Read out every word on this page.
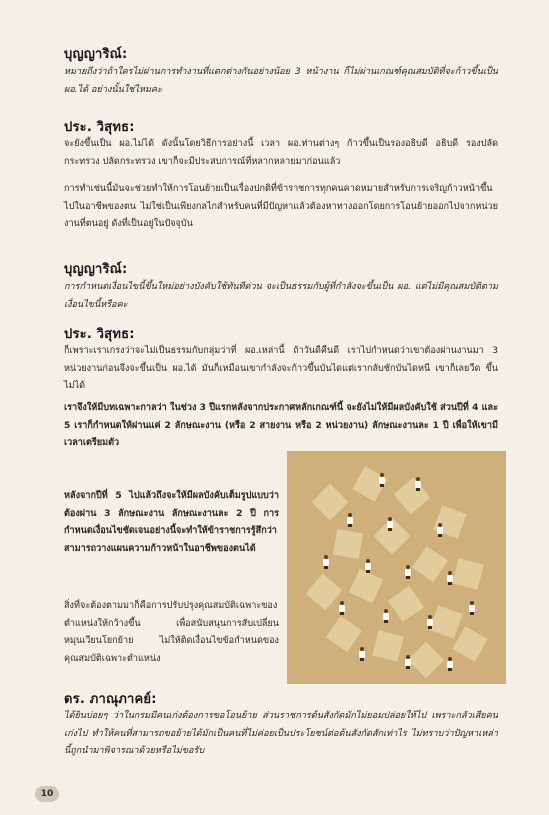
บุญญาริณ์:

หมายถึงว่าถ้าใครไม่ผ่านการทำงานที่แตกต่างกันอย่างน้อย 3 หน้างาน ก็ไม่ผ่านเกณฑ์คุณสมบัติที่จะก้าวขึ้นเป็น ผอ.ได้ อย่างนั้นใช่ไหมคะ

ประ. วิสุทธ:

จะยังขึ้นเป็น ผอ.ไม่ได้ ดังนั้นโดยวิธีการอย่างนี้ เวลา ผอ.ท่านต่างๆ ก้าวขึ้นเป็นรองอธิบดี อธิบดี รองปลัดกระทรวง ปลัดกระทรวง เขาก็จะมีประสบการณ์ที่หลากหลายมาก่อนแล้ว

การทำเช่นนี้มันจะช่วยทำให้การโอนย้ายเป็นเรื่องปกติที่ข้าราชการทุกคนคาดหมายสำหรับการเจริญก้าวหน้าขึ้นไปในอาชีพของตน ไม่ใช่เป็นเพียงกลไกสำหรับคนที่มีปัญหาแล้วต้องหาทางออกโดยการโอนย้ายออกไปจากหน่วยงานที่ตนอยู่ ดังที่เป็นอยู่ในปัจจุบัน

บุญญาริณ์:

การกำหนดเงื่อนไขนี้ขึ้นใหม่อย่างบังคับใช้ทันทีด่วน จะเป็นธรรมกับผู้ที่กำลังจะขึ้นเป็น ผอ. แต่ไม่มีคุณสมบัติตามเงื่อนไขนี้หรือคะ

ประ. วิสุทธ:

ก็เพราะเราเกรงว่าจะไม่เป็นธรรมกับกลุ่มว่าที่ ผอ.เหล่านี้ ถ้าวันดีคืนดี เราไปกำหนดว่าเขาต้องผ่านงานมา 3 หน่วยงานก่อนจึงจะขึ้นเป็น ผอ.ได้ มันก็เหมือนเขากำลังจะก้าวขึ้นบันไดแต่เรากลับชักบันไดหนี เขาก็เลยวืด ขึ้นไม่ได้

เราจึงให้มีบทเฉพาะกาลว่า ในช่วง 3 ปีแรกหลังจากประกาศหลักเกณฑ์นี้ จะยังไม่ให้มีผลบังคับใช้ ส่วนปีที่ 4 และ 5 เราก็กำหนดให้ผ่านแค่ 2 ลักษณะงาน (หรือ 2 สายงาน หรือ 2 หน่วยงาน) ลักษณะงานละ 1 ปี เพื่อให้เขามีเวลาเตรียมตัว

หลังจากปีที่ 5 ไปแล้วถึงจะให้มีผลบังคับเต็มรูปแบบว่าต้องผ่าน 3 ลักษณะงาน ลักษณะงานละ 2 ปี การกำหนดเงื่อนไขชัดเจนอย่างนี้จะทำให้ข้าราชการรู้สึกว่าสามารถวางแผนความก้าวหน้าในอาชีพของตนได้

สิ่งที่จะต้องตามมาก็คือการปรับปรุงคุณสมบัติเฉพาะของตำแหน่งให้กว้างขึ้น เพื่อสนับสนุนการสับเปลี่ยน หมุนเวียนโยกย้าย ไม่ให้ติดเงื่อนไขข้อกำหนดของคุณสมบัติเฉพาะตำแหน่ง

ดร. ภาณุภาคย์:

ได้ยินบ่อยๆ ว่าในกรมมีคนเก่งต้องการขอโอนย้าย ส่วนราชการต้นสังกัดมักไม่ยอมปล่อยให้ไป เพราะกลัวเสียคนเก่งไป ทำให้คนที่สามารถขอย้ายได้มักเป็นคนที่ไม่ค่อยเป็นประโยชน์ต่อต้นสังกัดสักเท่าไร ไม่ทราบว่าปัญหาเหล่านี้ถูกนำมาพิจารณาด้วยหรือไม่ขอรับ

10
